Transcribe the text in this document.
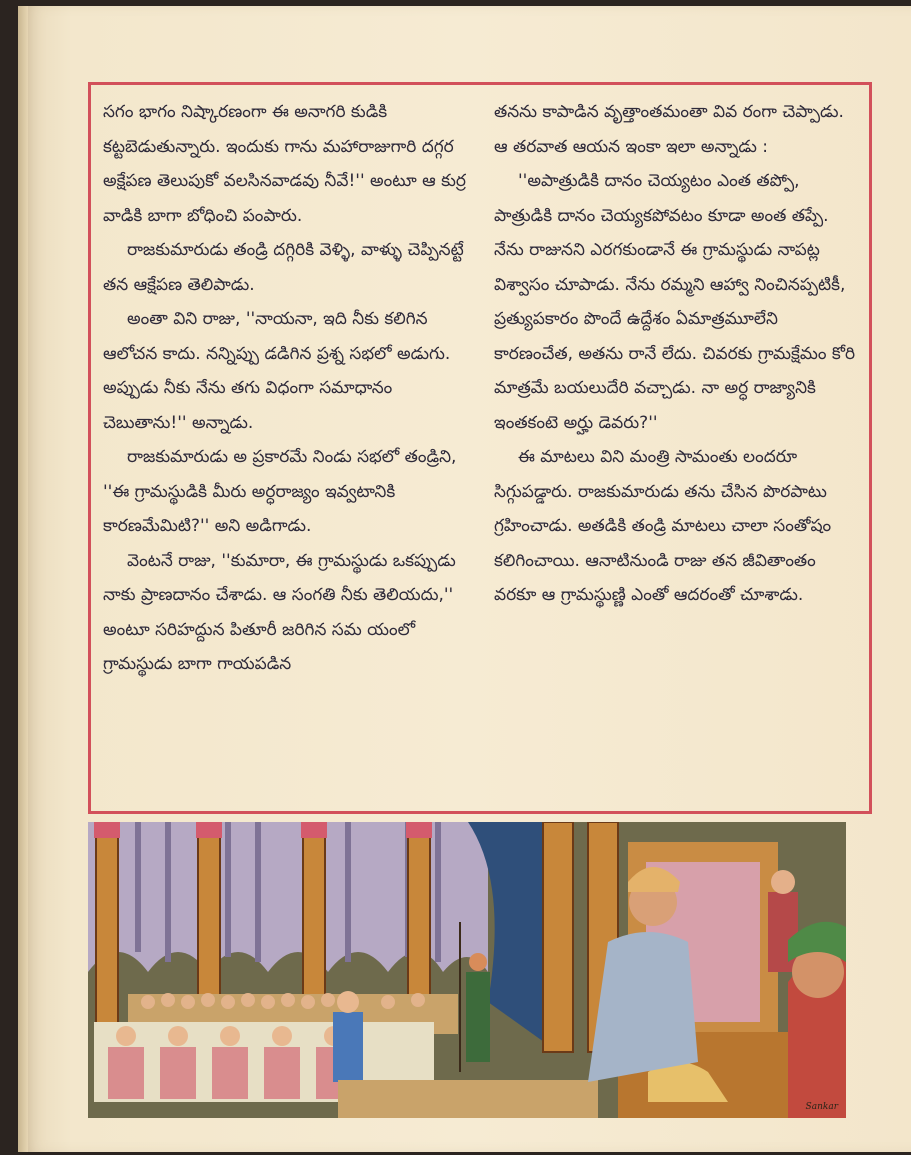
సగం భాగం నిష్కారణంగా ఈ అనాగరి కుడికి కట్టబెడుతున్నారు. ఇందుకు గాను మహారాజుగారి దగ్గర అక్షేపణ తెలుపుకో వలసినవాడవు నీవే!'' అంటూ ఆ కుర్ర వాడికి బాగా బోధించి పంపారు.

రాజకుమారుడు తండ్రి దగ్గిరికి వెళ్ళి, వాళ్ళు చెప్పినట్టే తన ఆక్షేపణ తెలిపాడు.

అంతా విని రాజు, ''నాయనా, ఇది నీకు కలిగిన ఆలోచన కాదు. నన్నిప్పు డడిగిన ప్రశ్న సభలో అడుగు. అప్పుడు నీకు నేను తగు విధంగా సమాధానం చెబుతాను!'' అన్నాడు.

రాజకుమారుడు అ ప్రకారమే నిండు సభలో తండ్రిని, ''ఈ గ్రామస్థుడికి మీరు అర్ధరాజ్యం ఇవ్వటానికి కారణమేమిటి?'' అని అడిగాడు.

వెంటనే రాజు, ''కుమారా, ఈ గ్రామస్థుడు ఒకప్పుడు నాకు ప్రాణదానం చేశాడు. ఆ సంగతి నీకు తెలియదు,'' అంటూ సరిహద్దున పితూరీ జరిగిన సమ యంలో గ్రామస్థుడు బాగా గాయపడిన

తనను కాపాడిన వృత్తాంతమంతా వివ రంగా చెప్పాడు. ఆ తరవాత ఆయన ఇంకా ఇలా అన్నాడు :

''అపాత్రుడికి దానం చెయ్యటం ఎంత తప్పో, పాత్రుడికి దానం చెయ్యకపోవటం కూడా అంత తప్పే. నేను రాజునని ఎరగకుండానే ఈ గ్రామస్థుడు నాపట్ల విశ్వాసం చూపాడు. నేను రమ్మని ఆహ్వా నించినప్పటికీ, ప్రత్యుపకారం పొందే ఉద్దేశం ఏమాత్రమూలేని కారణంచేత, అతను రానే లేదు. చివరకు గ్రామక్షేమం కోరి మాత్రమే బయలుదేరి వచ్చాడు. నా అర్ధ రాజ్యానికి ఇంతకంటె అర్హు డెవరు?''

ఈ మాటలు విని మంత్రి సామంతు లందరూ సిగ్గుపడ్డారు. రాజకుమారుడు తను చేసిన పొరపాటు గ్రహించాడు. అతడికి తండ్రి మాటలు చాలా సంతోషం కలిగించాయి. ఆనాటినుండి రాజు తన జీవితాంతం వరకూ ఆ గ్రామస్థుణ్ణి ఎంతో ఆదరంతో చూశాడు.

Sankar
